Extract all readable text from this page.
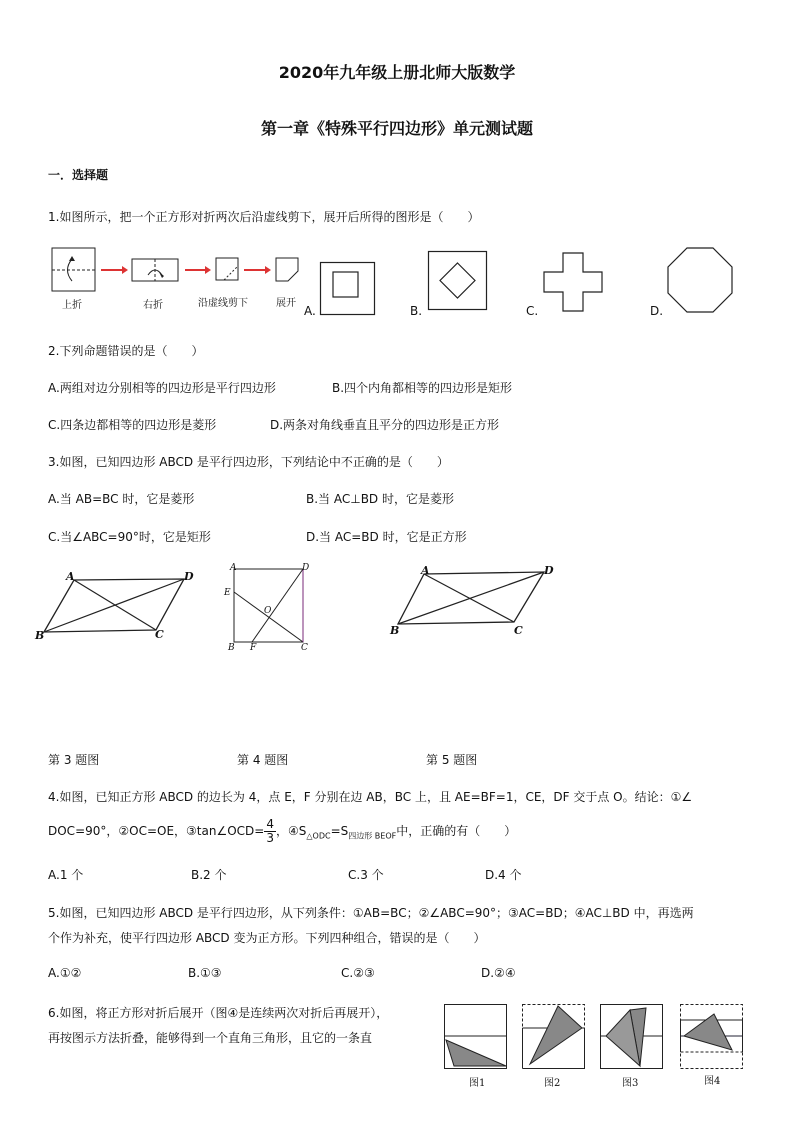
2020年九年级上册北师大版数学
第一章《特殊平行四边形》单元测试题
一．选择题
1.如图所示，把一个正方形对折两次后沿虚线剪下，展开后所得的图形是（　　）
上折	右折	沿虚线剪下	展开
A.	B.	C.	D.
2.下列命题错误的是（　　）
A.两组对边分别相等的四边形是平行四边形	B.四个内角都相等的四边形是矩形
C.四条边都相等的四边形是菱形	D.两条对角线垂直且平分的四边形是正方形
3.如图，已知四边形 ABCD 是平行四边形，下列结论中不正确的是（　　）
A.当 AB=BC 时，它是菱形	B.当 AC⊥BD 时，它是菱形
C.当∠ABC=90°时，它是矩形	D.当 AC=BD 时，它是正方形
A	D
B	C
A	D
E
O
B F	C
A	D
B	C
第 3 题图	第 4 题图	第 5 题图
4.如图，已知正方形 ABCD 的边长为 4，点 E，F 分别在边 AB，BC 上，且 AE=BF=1，CE，DF 交于点 O。结论：①∠
DOC=90°，②OC=OE，③tan∠OCD= $\frac{4}{3}$ ，$④S_{\triangle ODC}=S_{四边形 BEOF}$中，正确的有（　　）
A.1 个	B.2 个	C.3 个	D.4 个
5.如图，已知四边形 ABCD 是平行四边形，从下列条件：①AB=BC；②∠ABC=90°；③AC=BD；④AC⊥BD 中，再选两
个作为补充，使平行四边形 ABCD 变为正方形。下列四种组合，错误的是（　　）
A.①②	B.①③	C.②③	D.②④
6.如图，将正方形对折后展开（图④是连续两次对折后再展开），
再按图示方法折叠，能够得到一个直角三角形，且它的一条直
图1	图2	图3	图4
